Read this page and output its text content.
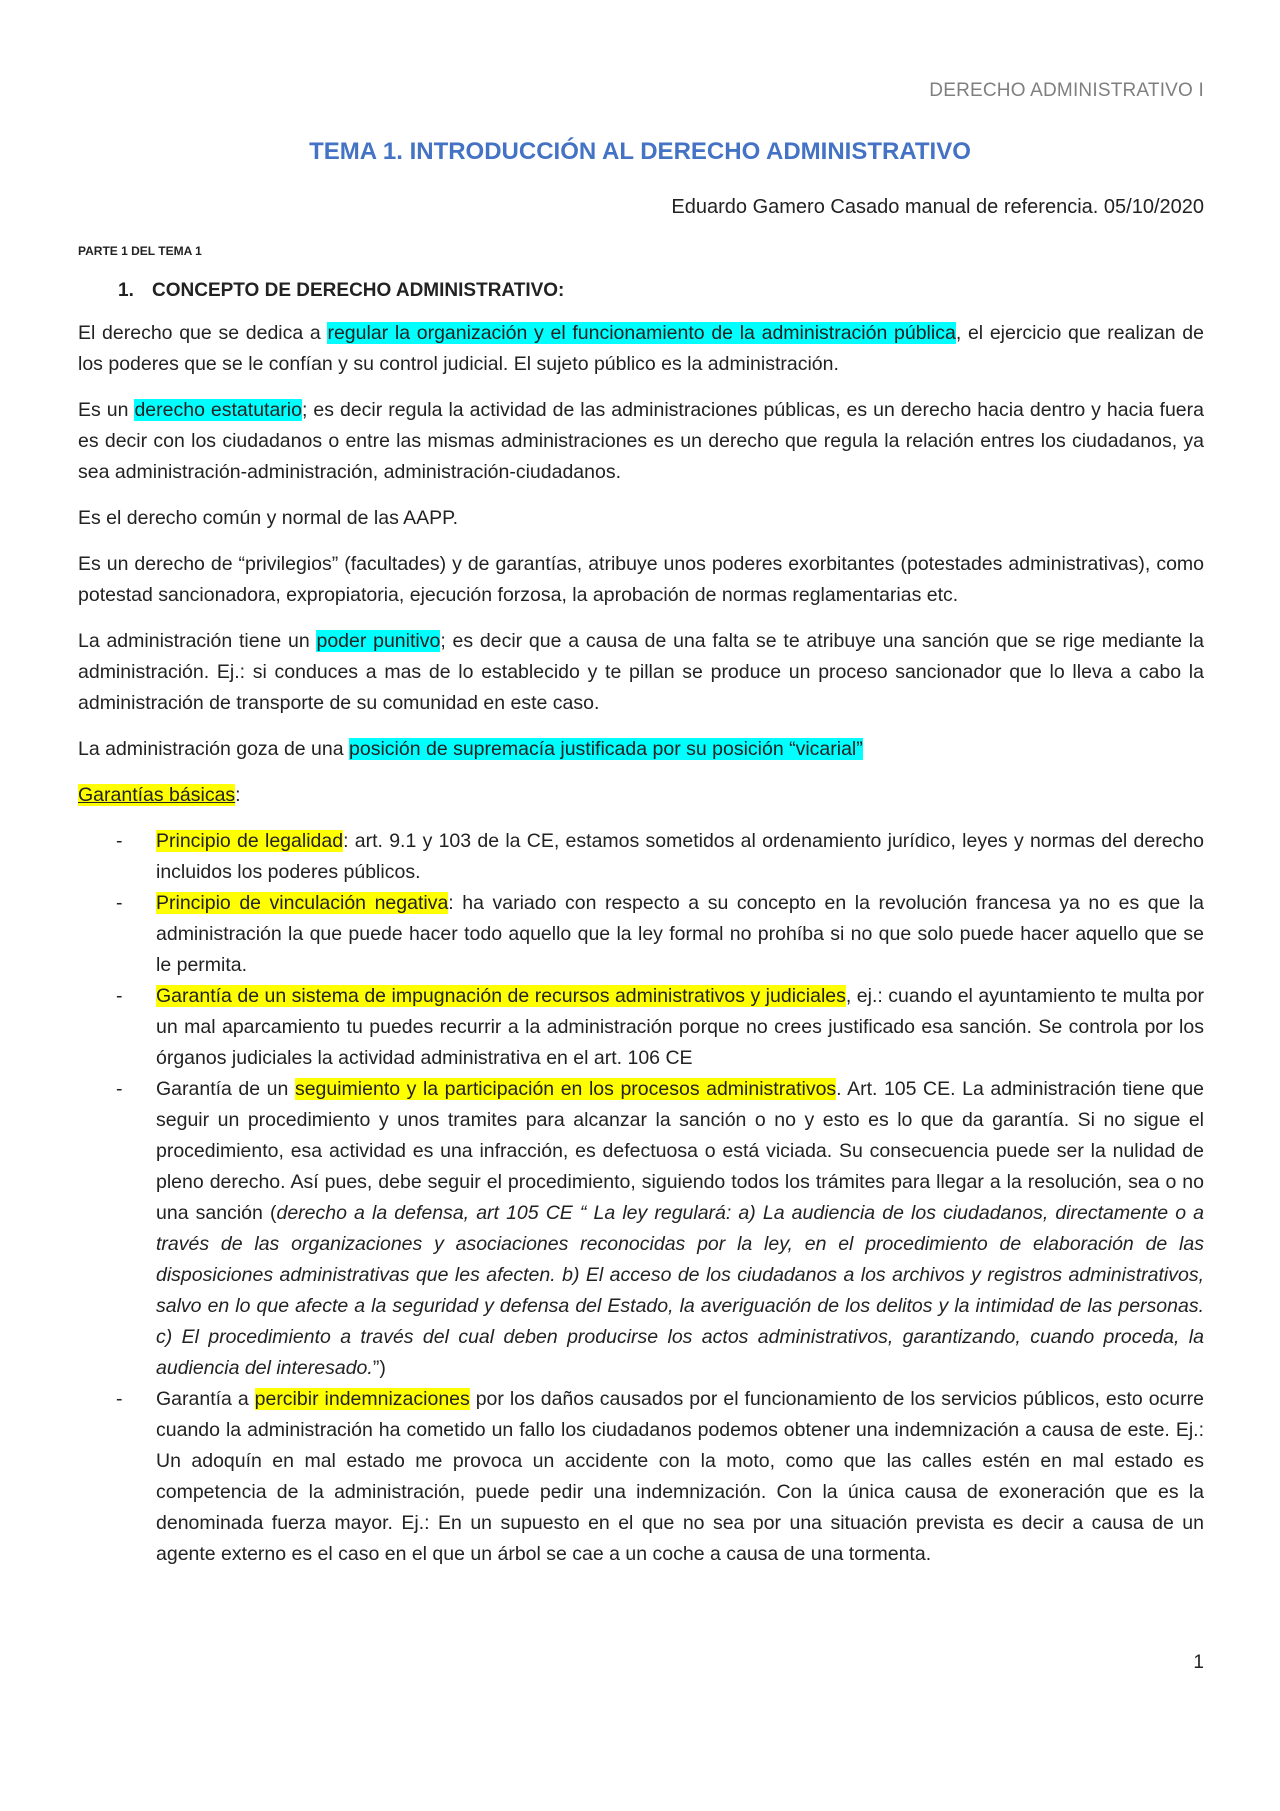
DERECHO ADMINISTRATIVO I
TEMA 1. INTRODUCCIÓN AL DERECHO ADMINISTRATIVO
Eduardo Gamero Casado manual de referencia. 05/10/2020
PARTE 1 DEL TEMA 1
1. CONCEPTO DE DERECHO ADMINISTRATIVO:

El derecho que se dedica a regular la organización y el funcionamiento de la administración pública, el ejercicio que realizan de los poderes que se le confían y su control judicial. El sujeto público es la administración.

Es un derecho estatutario; es decir regula la actividad de las administraciones públicas, es un derecho hacia dentro y hacia fuera es decir con los ciudadanos o entre las mismas administraciones es un derecho que regula la relación entres los ciudadanos, ya sea administración-administración, administración-ciudadanos.

Es el derecho común y normal de las AAPP.

Es un derecho de “privilegios” (facultades) y de garantías, atribuye unos poderes exorbitantes (potestades administrativas), como potestad sancionadora, expropiatoria, ejecución forzosa, la aprobación de normas reglamentarias etc.

La administración tiene un poder punitivo; es decir que a causa de una falta se te atribuye una sanción que se rige mediante la administración. Ej.: si conduces a mas de lo establecido y te pillan se produce un proceso sancionador que lo lleva a cabo la administración de transporte de su comunidad en este caso.

La administración goza de una posición de supremacía justificada por su posición “vicarial”

Garantías básicas:

- Principio de legalidad: art. 9.1 y 103 de la CE, estamos sometidos al ordenamiento jurídico, leyes y normas del derecho incluidos los poderes públicos.
- Principio de vinculación negativa: ha variado con respecto a su concepto en la revolución francesa ya no es que la administración la que puede hacer todo aquello que la ley formal no prohíba si no que solo puede hacer aquello que se le permita.
- Garantía de un sistema de impugnación de recursos administrativos y judiciales, ej.: cuando el ayuntamiento te multa por un mal aparcamiento tu puedes recurrir a la administración porque no crees justificado esa sanción. Se controla por los órganos judiciales la actividad administrativa en el art. 106 CE
- Garantía de un seguimiento y la participación en los procesos administrativos. Art. 105 CE. La administración tiene que seguir un procedimiento y unos tramites para alcanzar la sanción o no y esto es lo que da garantía. Si no sigue el procedimiento, esa actividad es una infracción, es defectuosa o está viciada. Su consecuencia puede ser la nulidad de pleno derecho. Así pues, debe seguir el procedimiento, siguiendo todos los trámites para llegar a la resolución, sea o no una sanción (derecho a la defensa, art 105 CE “ La ley regulará: a) La audiencia de los ciudadanos, directamente o a través de las organizaciones y asociaciones reconocidas por la ley, en el procedimiento de elaboración de las disposiciones administrativas que les afecten. b) El acceso de los ciudadanos a los archivos y registros administrativos, salvo en lo que afecte a la seguridad y defensa del Estado, la averiguación de los delitos y la intimidad de las personas. c) El procedimiento a través del cual deben producirse los actos administrativos, garantizando, cuando proceda, la audiencia del interesado.”)
- Garantía a percibir indemnizaciones por los daños causados por el funcionamiento de los servicios públicos, esto ocurre cuando la administración ha cometido un fallo los ciudadanos podemos obtener una indemnización a causa de este. Ej.: Un adoquín en mal estado me provoca un accidente con la moto, como que las calles estén en mal estado es competencia de la administración, puede pedir una indemnización. Con la única causa de exoneración que es la denominada fuerza mayor. Ej.: En un supuesto en el que no sea por una situación prevista es decir a causa de un agente externo es el caso en el que un árbol se cae a un coche a causa de una tormenta.
1
